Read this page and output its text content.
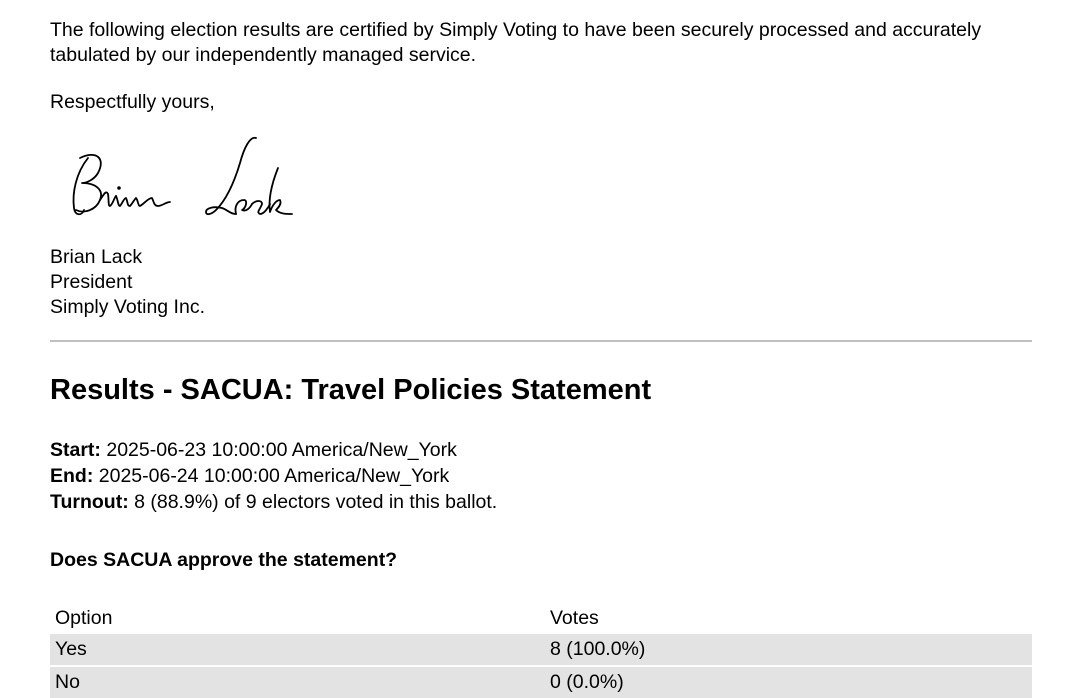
The following election results are certified by Simply Voting to have been securely processed and accurately tabulated by our independently managed service.

Respectfully yours,

Brian Lack
President
Simply Voting Inc.
Results - SACUA: Travel Policies Statement
Start: 2025-06-23 10:00:00 America/New_York
End: 2025-06-24 10:00:00 America/New_York
Turnout: 8 (88.9%) of 9 electors voted in this ballot.
Does SACUA approve the statement?
Option	Votes
Yes	8 (100.0%)
No	0 (0.0%)
